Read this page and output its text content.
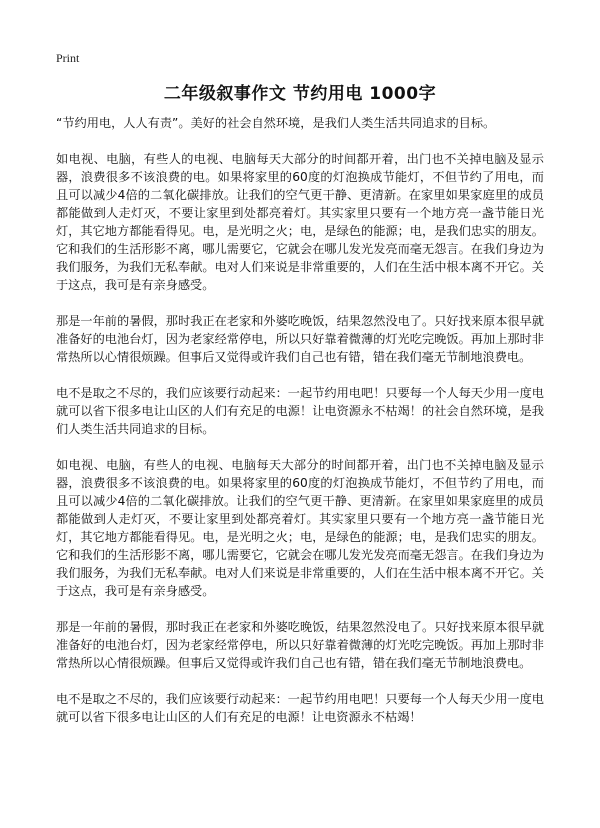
Print
二年级叙事作文 节约用电 1000字

“节约用电，人人有责”。美好的社会自然环境，是我们人类生活共同追求的目标。

如电视、电脑，有些人的电视、电脑每天大部分的时间都开着，出门也不关掉电脑及显示器，浪费很多不该浪费的电。如果将家里的60度的灯泡换成节能灯，不但节约了用电，而且可以减少4倍的二氧化碳排放。让我们的空气更干静、更清新。在家里如果家庭里的成员都能做到人走灯灭，不要让家里到处都亮着灯。其实家里只要有一个地方亮一盏节能日光灯，其它地方都能看得见。电，是光明之火；电，是绿色的能源；电，是我们忠实的朋友。它和我们的生活形影不离，哪儿需要它，它就会在哪儿发光发亮而毫无怨言。在我们身边为我们服务，为我们无私奉献。电对人们来说是非常重要的，人们在生活中根本离不开它。关于这点，我可是有亲身感受。

那是一年前的暑假，那时我正在老家和外婆吃晚饭，结果忽然没电了。只好找来原本很早就准备好的电池台灯，因为老家经常停电，所以只好靠着微薄的灯光吃完晚饭。再加上那时非常热所以心情很烦躁。但事后又觉得或许我们自己也有错，错在我们毫无节制地浪费电。

电不是取之不尽的，我们应该要行动起来：一起节约用电吧！只要每一个人每天少用一度电就可以省下很多电让山区的人们有充足的电源！让电资源永不枯竭！的社会自然环境，是我们人类生活共同追求的目标。

如电视、电脑，有些人的电视、电脑每天大部分的时间都开着，出门也不关掉电脑及显示器，浪费很多不该浪费的电。如果将家里的60度的灯泡换成节能灯，不但节约了用电，而且可以减少4倍的二氧化碳排放。让我们的空气更干静、更清新。在家里如果家庭里的成员都能做到人走灯灭，不要让家里到处都亮着灯。其实家里只要有一个地方亮一盏节能日光灯，其它地方都能看得见。电，是光明之火；电，是绿色的能源；电，是我们忠实的朋友。它和我们的生活形影不离，哪儿需要它，它就会在哪儿发光发亮而毫无怨言。在我们身边为我们服务，为我们无私奉献。电对人们来说是非常重要的，人们在生活中根本离不开它。关于这点，我可是有亲身感受。

那是一年前的暑假，那时我正在老家和外婆吃晚饭，结果忽然没电了。只好找来原本很早就准备好的电池台灯，因为老家经常停电，所以只好靠着微薄的灯光吃完晚饭。再加上那时非常热所以心情很烦躁。但事后又觉得或许我们自己也有错，错在我们毫无节制地浪费电。

电不是取之不尽的，我们应该要行动起来：一起节约用电吧！只要每一个人每天少用一度电就可以省下很多电让山区的人们有充足的电源！让电资源永不枯竭！
